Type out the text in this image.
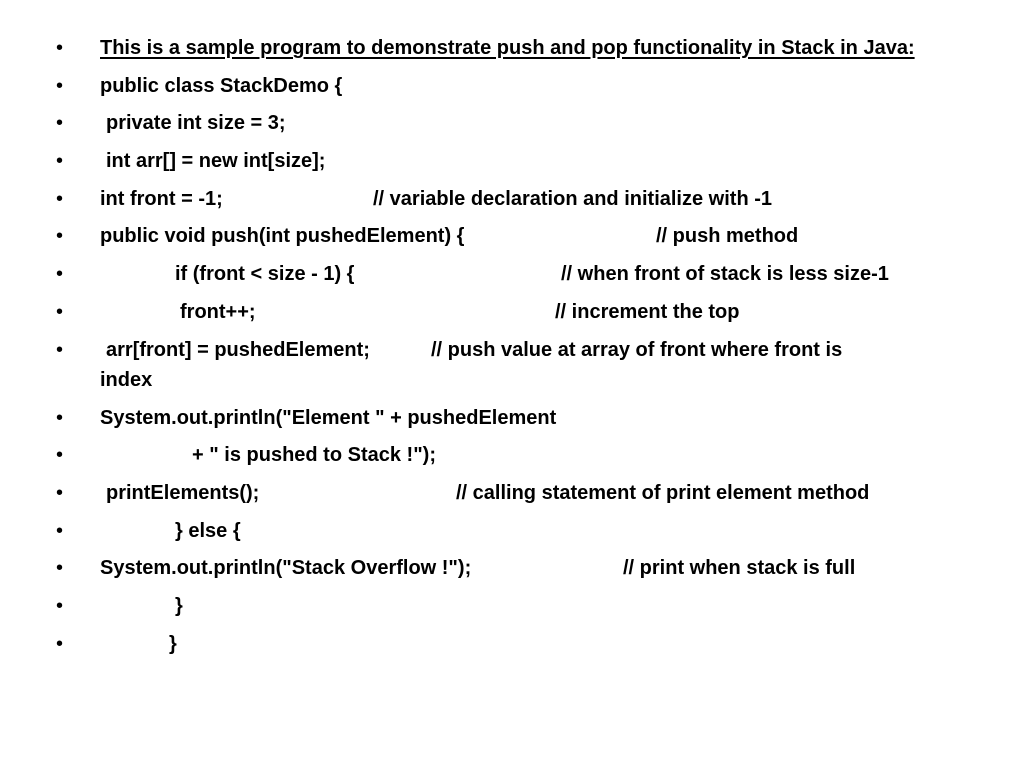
•	This is a sample program to demonstrate push and pop functionality in Stack in Java:
•	public class StackDemo {
•	private int size = 3;
•	int arr[] = new int[size];
•	int front = -1;	// variable declaration and initialize with -1
•	public void push(int pushedElement) {	// push method
•	if (front < size - 1) {	// when front of stack is less size-1
•	front++;	// increment the top
•	arr[front] = pushedElement;	// push value at array of front where front is
index
•	System.out.println("Element " + pushedElement
•	+ " is pushed to Stack !");
•	printElements();	// calling statement of print element method
•	} else {
•	System.out.println("Stack Overflow !");	// print when stack is full
•	}
•	}
